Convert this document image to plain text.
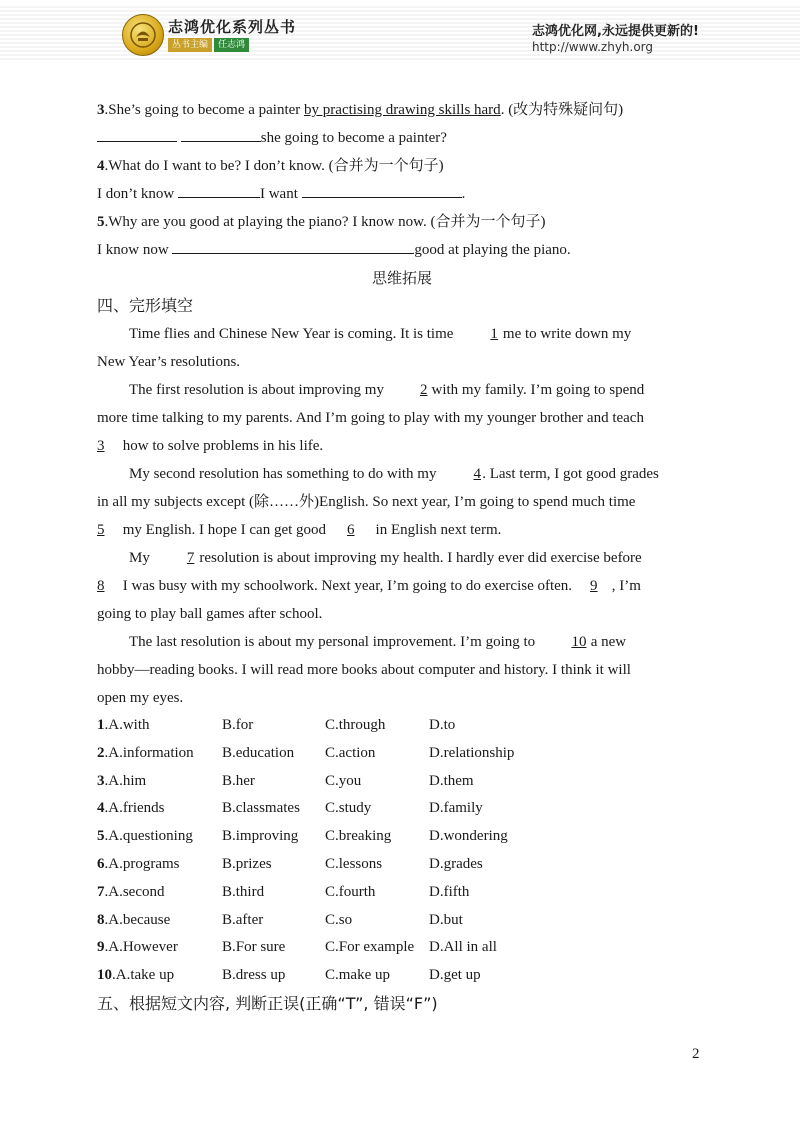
志鸿优化系列丛书
丛书主编	任志鸿
志鸿优化网,永远提供更新的!
http://www.zhyh.org
3.She’s going to become a painter by practising drawing skills hard. (改为特殊疑问句)
she going to become a painter?
4.What do I want to be? I don’t know. (合并为一个句子)
I don’t know	I want	.
5.Why are you good at playing the piano? I know now. (合并为一个句子)
I know now	good at playing the piano.
思维拓展
四、完形填空
Time flies and Chinese New Year is coming. It is time 1 me to write down my
New Year’s resolutions.
The first resolution is about improving my 2 with my family. I’m going to spend
more time talking to my parents. And I’m going to play with my younger brother and teach
3 how to solve problems in his life.
My second resolution has something to do with my 4. Last term, I got good grades
in all my subjects except (除……外)English. So next year, I’m going to spend much time
5 my English. I hope I can get good 6 in English next term.
My 7 resolution is about improving my health. I hardly ever did exercise before
8 I was busy with my schoolwork. Next year, I’m going to do exercise often. 9 , I’m
going to play ball games after school.
The last resolution is about my personal improvement. I’m going to 10 a new
hobby—reading books. I will read more books about computer and history. I think it will
open my eyes.
1.A.with	B.for	C.through	D.to
2.A.information	B.education	C.action	D.relationship
3.A.him	B.her	C.you	D.them
4.A.friends	B.classmates	C.study	D.family
5.A.questioning	B.improving	C.breaking	D.wondering
6.A.programs	B.prizes	C.lessons	D.grades
7.A.second	B.third	C.fourth	D.fifth
8.A.because	B.after	C.so	D.but
9.A.However	B.For sure	C.For example D.All in all
10.A.take up	B.dress up	C.make up	D.get up
五、根据短文内容, 判断正误(正确“T”, 错误“F”)
2
